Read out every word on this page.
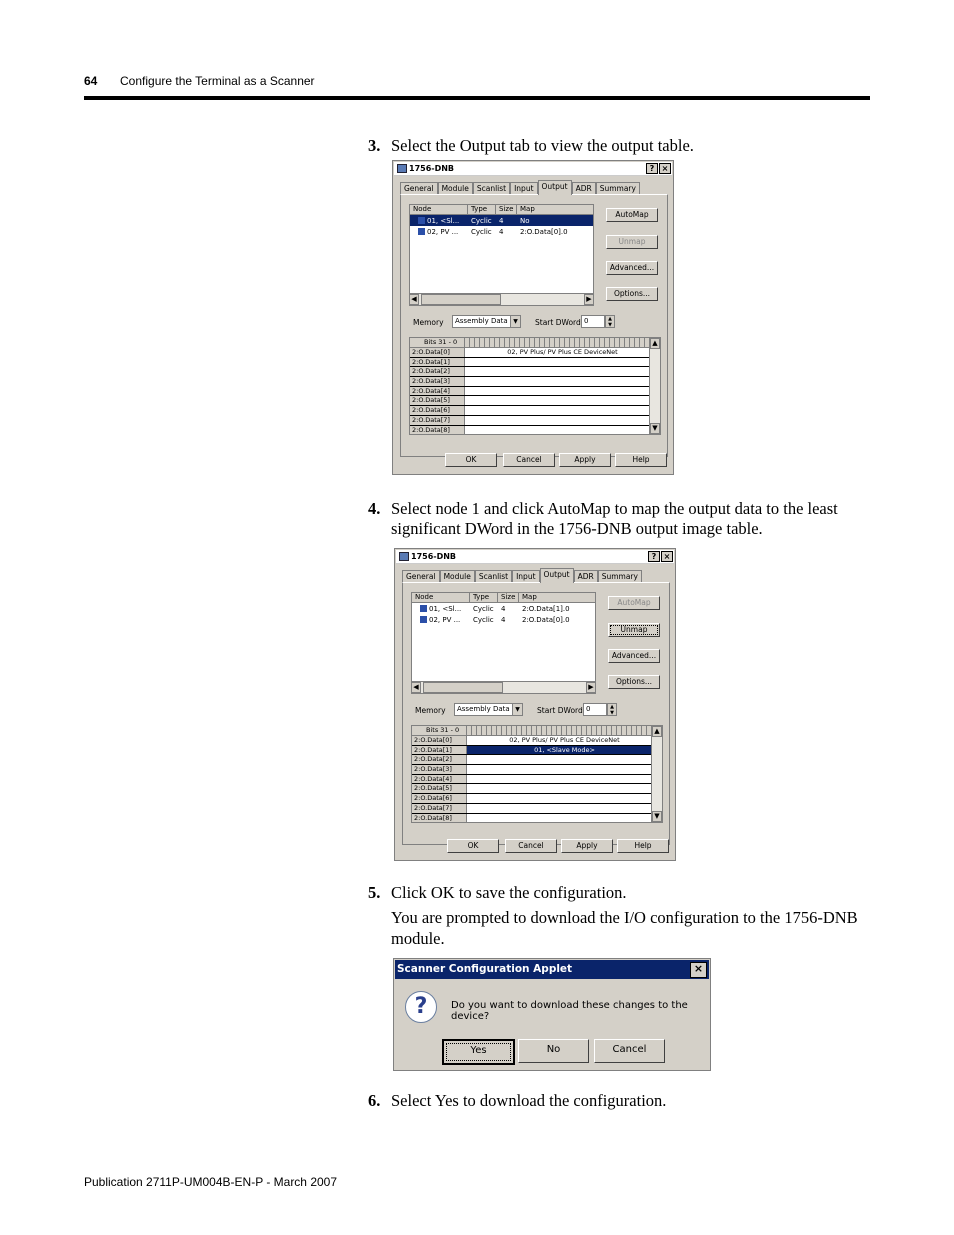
64 Configure the Terminal as a Scanner
3. Select the Output tab to view the output table.
1756-DNB	? ×
General	Module	Scanlist	Input	Output	ADR	Summary
Node	Type	Size Map
01, <Sl...	Cyclic	4	No
02, PV ...	Cyclic	4	2:O.Data[0].0
◀	▶
AutoMap
Unmap
Advanced...
Options...
Memory	Assembly Data ▼ Start DWord 0	▲
▼
Bits 31 - 0
2:O.Data[0]	02, PV Plus/ PV Plus CE DeviceNet
2:O.Data[1]
2:O.Data[2]
2:O.Data[3]
2:O.Data[4]
2:O.Data[5]
2:O.Data[6]
2:O.Data[7]
2:O.Data[8]
▲
▼
OK	Cancel	Apply	Help
4. Select node 1 and click AutoMap to map the output data to the least significant DWord in the 1756-DNB output image table.
1756-DNB	? ×
General	Module	Scanlist	Input	Output	ADR	Summary
Node	Type	Size Map
01, <Sl...	Cyclic	4	2:O.Data[1].0
02, PV ...	Cyclic	4	2:O.Data[0].0
◀	▶
AutoMap
Unmap
Advanced...
Options...
Memory	Assembly Data ▼ Start DWord 0	▲
▼
Bits 31 - 0
2:O.Data[0]	02, PV Plus/ PV Plus CE DeviceNet
2:O.Data[1]	01, <Slave Mode>
2:O.Data[2]
2:O.Data[3]
2:O.Data[4]
2:O.Data[5]
2:O.Data[6]
2:O.Data[7]
2:O.Data[8]
▲
▼
OK	Cancel	Apply	Help
5. Click OK to save the configuration.
You are prompted to download the I/O configuration to the 1756-DNB module.
Scanner Configuration Applet	×
?	Do you want to download these changes to the device?
Yes	No	Cancel
6. Select Yes to download the configuration.
Publication 2711P-UM004B-EN-P - March 2007
